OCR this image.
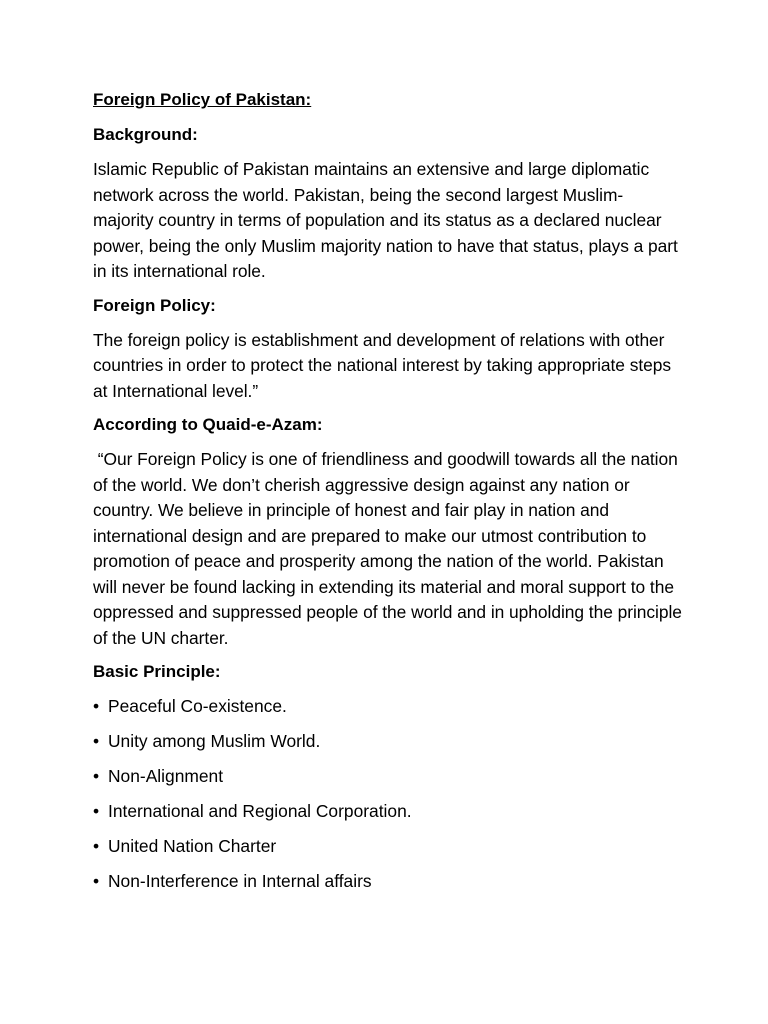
Foreign Policy of Pakistan:
Background:
Islamic Republic of Pakistan maintains an extensive and large diplomatic network across the world. Pakistan, being the second largest Muslim-majority country in terms of population and its status as a declared nuclear power, being the only Muslim majority nation to have that status, plays a part in its international role.
Foreign Policy:
The foreign policy is establishment and development of relations with other countries in order to protect the national interest by taking appropriate steps at International level.”
According to Quaid-e-Azam:
“Our Foreign Policy is one of friendliness and goodwill towards all the nation of the world. We don’t cherish aggressive design against any nation or country. We believe in principle of honest and fair play in nation and international design and are prepared to make our utmost contribution to promotion of peace and prosperity among the nation of the world. Pakistan will never be found lacking in extending its material and moral support to the oppressed and suppressed people of the world and in upholding the principle of the UN charter.
Basic Principle:
• Peaceful Co-existence.
• Unity among Muslim World.
• Non-Alignment
• International and Regional Corporation.
• United Nation Charter
• Non-Interference in Internal affairs
